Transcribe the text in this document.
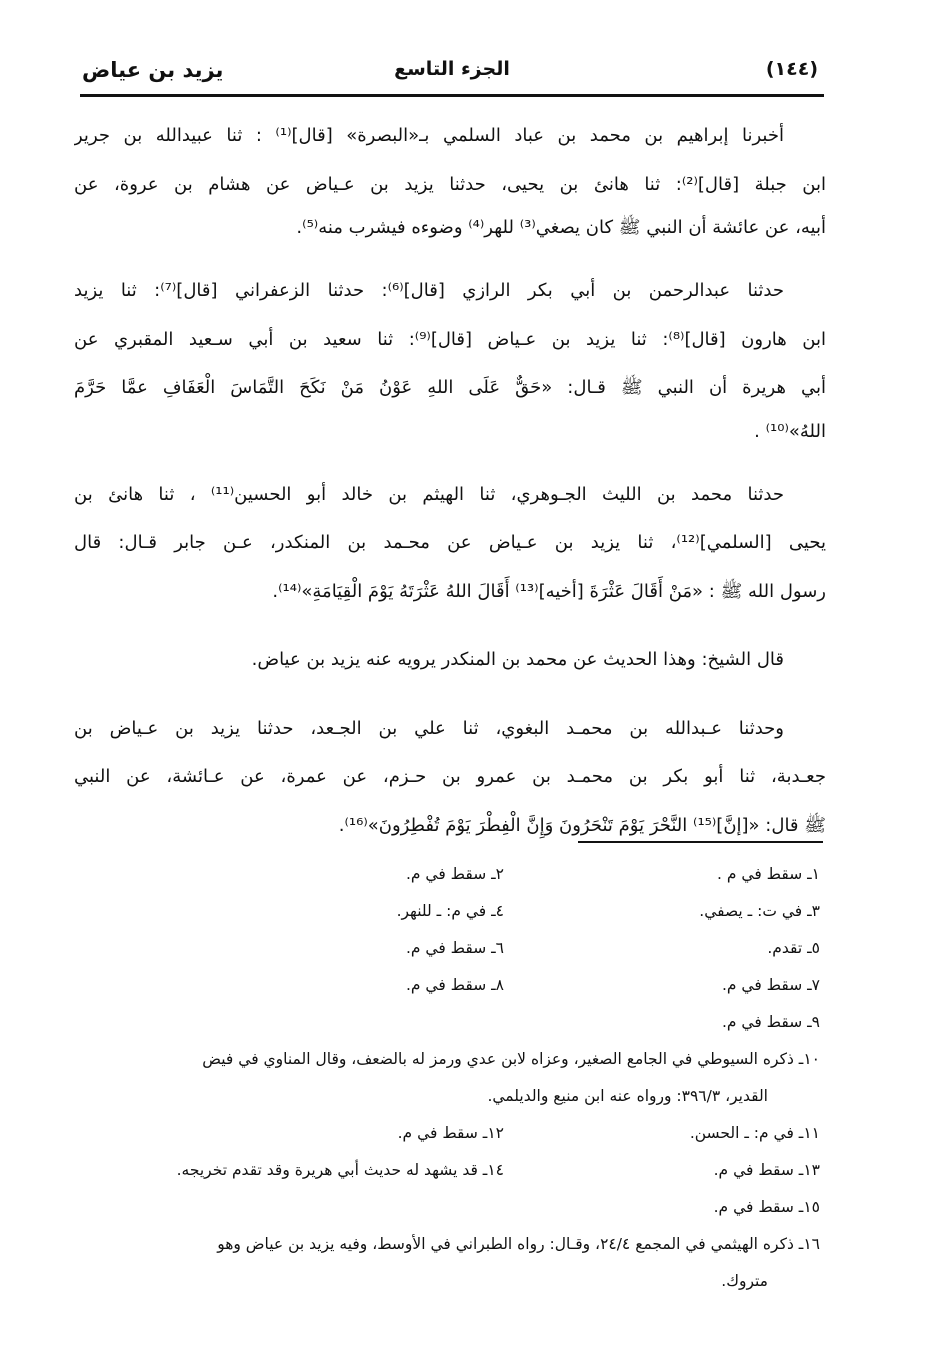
(١٤٤)
الجزء التاسع
يزيد بن عياض
أخبرنا إبراهيم بن محمد بن عباد السلمي بـ«البصرة» [قال]⁽¹⁾ : ثنا عبيدالله بن جرير
ابن جبلة [قال]⁽²⁾: ثنا هانئ بن يحيى، حدثنا يزيد بن عـياض عن هشام بن عروة، عن
أبيه، عن عائشة أن النبي ﷺ كان يصغي⁽³⁾ للهر⁽⁴⁾ وضوءه فيشرب منه⁽⁵⁾.
حدثنا عبدالرحمن بن أبي بكر الرازي [قال]⁽⁶⁾: حدثنا الزعفراني [قال]⁽⁷⁾: ثنا يزيد
ابن هارون [قال]⁽⁸⁾: ثنا يزيد بن عـياض [قال]⁽⁹⁾: ثنا سعيد بن أبي سـعيد المقبري عن
أبي هريرة أن النبي ﷺ قـال: «حَقٌّ عَلَى اللهِ عَوْنُ مَنْ نَكَحَ التَّمَاسَ الْعَفَافِ عمَّا حَرَّمَ
اللهُ»⁽¹⁰⁾ .
حدثنا محمد بن الليث الجـوهري، ثنا الهيثم بن خالد أبو الحسين⁽¹¹⁾ ، ثنا هانئ بن
يحيى [السلمي]⁽¹²⁾، ثنا يزيد بن عـياض عن محـمد بن المنكدر، عـن جابر قـال: قال
رسول الله ﷺ : «مَنْ أَقَالَ عَثْرَةَ [أخيه]⁽¹³⁾ أَقَالَ اللهُ عَثْرَتَهُ يَوْمَ الْقِيَامَةِ»⁽¹⁴⁾.
قال الشيخ: وهذا الحديث عن محمد بن المنكدر يرويه عنه يزيد بن عياض.
وحدثنا عـبدالله بن محمـد البغوي، ثنا علي بن الجـعد، حدثنا يزيد بن عـياض بن
جعـدبة، ثنا أبو بكر بن محمـد بن عمرو بن حـزم، عن عمرة، عن عـائشة، عن النبي
ﷺ قال: «[إنَّ]⁽¹⁵⁾ النَّحْرَ يَوْمَ تَنْحَرُونَ وَإِنَّ الْفِطْرَ يَوْمَ تُفْطِرُونَ»⁽¹⁶⁾.
١ـ سقط في م .
٢ـ سقط في م.
٣ـ في ت: ـ يصفي.
٤ـ في م: ـ للنهر.
٥ـ تقدم.
٦ـ سقط في م.
٧ـ سقط في م.
٨ـ سقط في م.
٩ـ سقط في م.
١٠ـ ذكره السيوطي في الجامع الصغير، وعزاه لابن عدي ورمز له بالضعف، وقال المناوي في فيض
القدير، ٣٩٦/٣: ورواه عنه ابن منيع والديلمي.
١١ـ في م: ـ الحسن.
١٢ـ سقط في م.
١٣ـ سقط في م.
١٤ـ قد يشهد له حديث أبي هريرة وقد تقدم تخريجه.
١٥ـ سقط في م.
١٦ـ ذكره الهيثمي في المجمع ٢٤/٤، وقـال: رواه الطبراني في الأوسط، وفيه يزيد بن عياض وهو
متروك.
